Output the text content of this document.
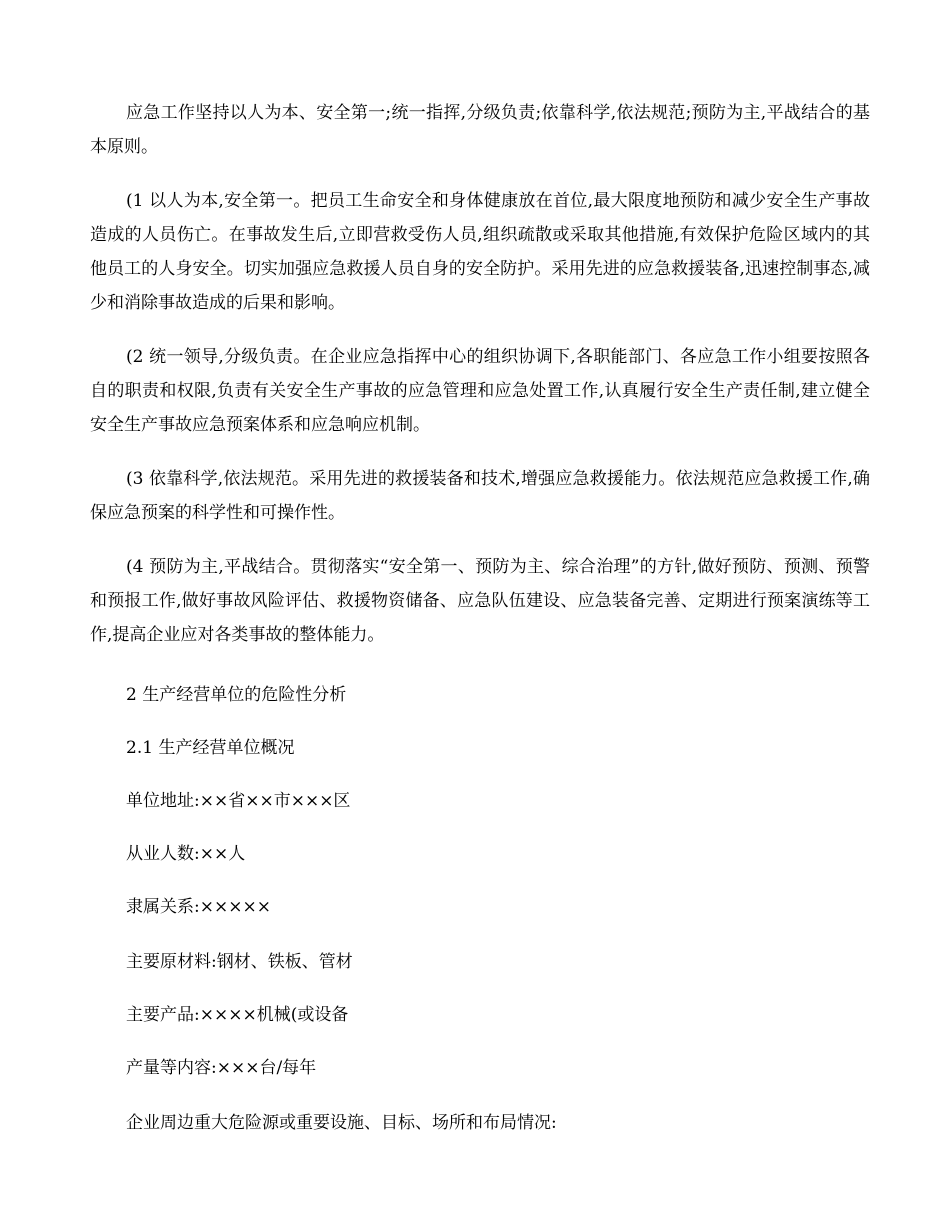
应急工作坚持以人为本、安全第一;统一指挥,分级负责;依靠科学,依法规范;预防为主,平战结合的基本原则。

(1 以人为本,安全第一。把员工生命安全和身体健康放在首位,最大限度地预防和减少安全生产事故造成的人员伤亡。在事故发生后,立即营救受伤人员,组织疏散或采取其他措施,有效保护危险区域内的其他员工的人身安全。切实加强应急救援人员自身的安全防护。采用先进的应急救援装备,迅速控制事态,减少和消除事故造成的后果和影响。

(2 统一领导,分级负责。在企业应急指挥中心的组织协调下,各职能部门、各应急工作小组要按照各自的职责和权限,负责有关安全生产事故的应急管理和应急处置工作,认真履行安全生产责任制,建立健全安全生产事故应急预案体系和应急响应机制。

(3 依靠科学,依法规范。采用先进的救援装备和技术,增强应急救援能力。依法规范应急救援工作,确保应急预案的科学性和可操作性。

(4 预防为主,平战结合。贯彻落实“安全第一、预防为主、综合治理”的方针,做好预防、预测、预警和预报工作,做好事故风险评估、救援物资储备、应急队伍建设、应急装备完善、定期进行预案演练等工作,提高企业应对各类事故的整体能力。

2 生产经营单位的危险性分析

2.1 生产经营单位概况

单位地址:××省××市×××区

从业人数:××人

隶属关系:×××××

主要原材料:钢材、铁板、管材

主要产品:××××机械(或设备

产量等内容:×××台/每年

企业周边重大危险源或重要设施、目标、场所和布局情况:
